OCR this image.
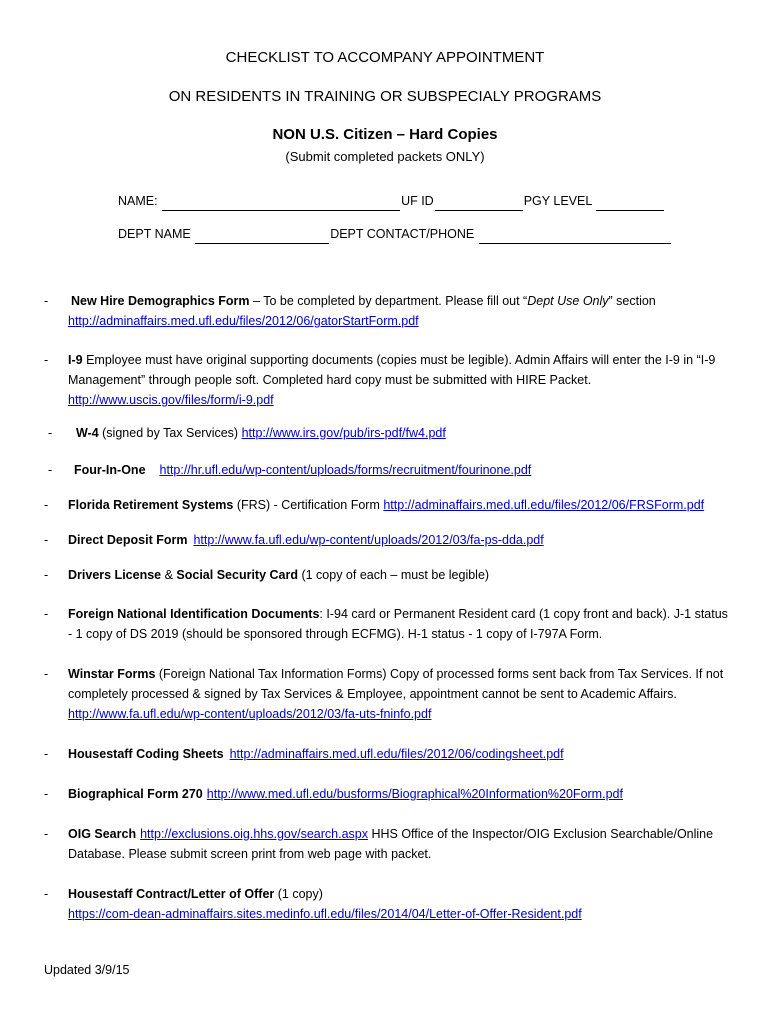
CHECKLIST TO ACCOMPANY APPOINTMENT
ON RESIDENTS IN TRAINING OR SUBSPECIALY PROGRAMS
NON U.S. Citizen – Hard Copies
(Submit completed packets ONLY)
NAME:	UF ID	PGY LEVEL
DEPT NAME	DEPT CONTACT/PHONE
- New Hire Demographics Form – To be completed by department. Please fill out “Dept Use Only” section
http://adminaffairs.med.ufl.edu/files/2012/06/gatorStartForm.pdf
- I-9 Employee must have original supporting documents (copies must be legible). Admin Affairs will enter the I-9 in “I-9 Management” through people soft. Completed hard copy must be submitted with HIRE Packet.
http://www.uscis.gov/files/form/i-9.pdf
- W-4 (signed by Tax Services) http://www.irs.gov/pub/irs-pdf/fw4.pdf
- Four-In-One http://hr.ufl.edu/wp-content/uploads/forms/recruitment/fourinone.pdf
- Florida Retirement Systems (FRS) - Certification Form http://adminaffairs.med.ufl.edu/files/2012/06/FRSForm.pdf
- Direct Deposit Form http://www.fa.ufl.edu/wp-content/uploads/2012/03/fa-ps-dda.pdf
- Drivers License & Social Security Card (1 copy of each – must be legible)
- Foreign National Identification Documents: I-94 card or Permanent Resident card (1 copy front and back). J-1 status - 1 copy of DS 2019 (should be sponsored through ECFMG). H-1 status - 1 copy of I-797A Form.
- Winstar Forms (Foreign National Tax Information Forms) Copy of processed forms sent back from Tax Services. If not completely processed & signed by Tax Services & Employee, appointment cannot be sent to Academic Affairs.
http://www.fa.ufl.edu/wp-content/uploads/2012/03/fa-uts-fninfo.pdf
- Housestaff Coding Sheets http://adminaffairs.med.ufl.edu/files/2012/06/codingsheet.pdf
- Biographical Form 270 http://www.med.ufl.edu/busforms/Biographical%20Information%20Form.pdf
- OIG Search http://exclusions.oig.hhs.gov/search.aspx HHS Office of the Inspector/OIG Exclusion Searchable/Online Database. Please submit screen print from web page with packet.
- Housestaff Contract/Letter of Offer (1 copy)
https://com-dean-adminaffairs.sites.medinfo.ufl.edu/files/2014/04/Letter-of-Offer-Resident.pdf
Updated 3/9/15
